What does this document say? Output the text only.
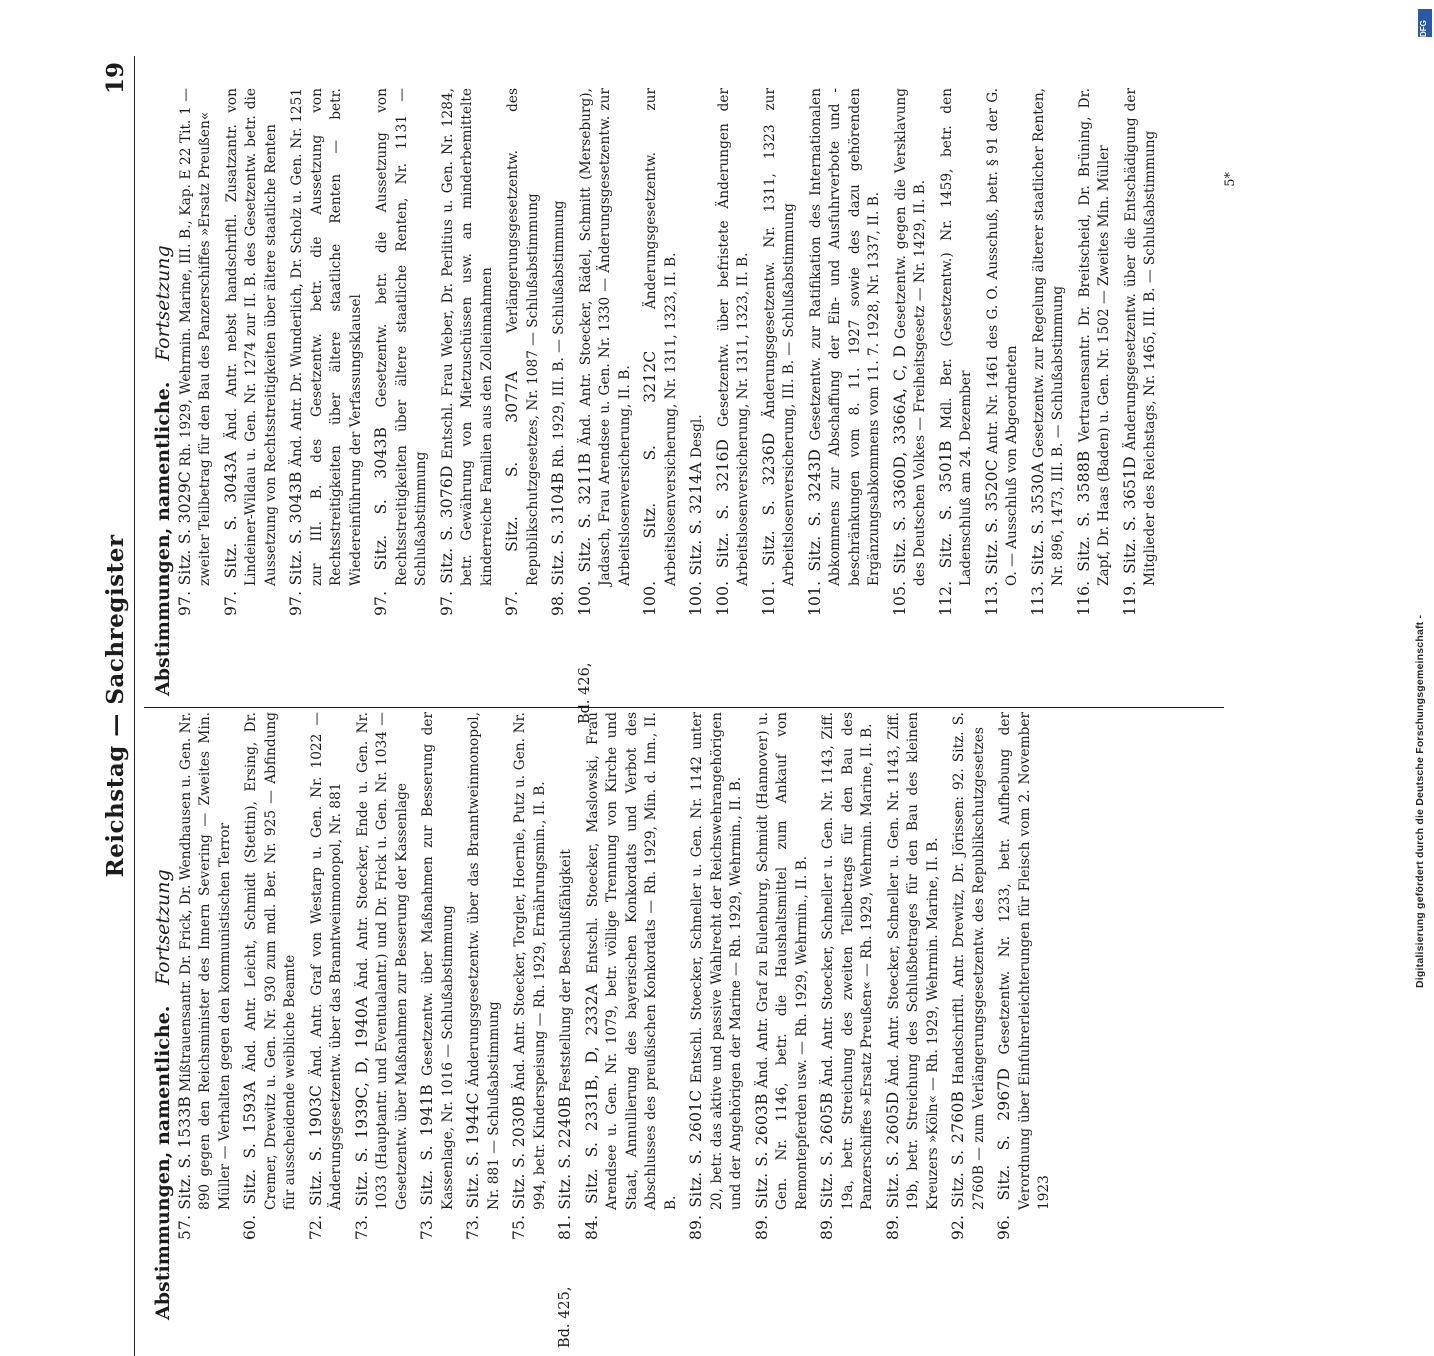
Reichstag — Sachregister
19
Abstimmungen, namentliche. Fortsetzung
57. Sitz. S. 1533B Mißtrauensantr. Dr. Frick, Dr. Wendhausen u. Gen. Nr. 890 gegen den Reichsminister des Innern Severing — Zweites Min. Müller — Verhalten gegen den kommunistischen Terror 60. Sitz. S. 1593A Änd. Antr. Leicht, Schmidt (Stettin), Ersing, Dr. Cremer, Drewitz u. Gen. Nr. 930 zum mdl. Ber. Nr. 925 — Abfindung für ausscheidende weibliche Beamte 72. Sitz. S. 1903C Änd. Antr. Graf von Westarp u. Gen. Nr. 1022 — Änderungsgesetzentw. über das Branntweinmonopol, Nr. 881 73. Sitz. S. 1939C, D, 1940A Änd. Antr. Stoecker, Ende u. Gen. Nr. 1033 (Hauptantr. und Eventualantr.) und Dr. Frick u. Gen. Nr. 1034 — Gesetzentw. über Maßnahmen zur Besserung der Kassenlage 73. Sitz. S. 1941B Gesetzentw. über Maßnahmen zur Besserung der Kassenlage, Nr. 1016 — Schlußabstimmung 73. Sitz. S. 1944C Änderungsgesetzentw. über das Branntweinmonopol, Nr. 881 — Schlußabstimmung 75. Sitz. S. 2030B Änd. Antr. Stoecker, Torgler, Hoernle, Putz u. Gen. Nr. 994, betr. Kinderspeisung — Rh. 1929, Ernährungsmin., II. B.
Bd. 425,
81. Sitz. S. 2240B Feststellung der Beschlußfähigkeit
84. Sitz. S. 2331B, D, 2332A Entschl. Stoecker, Maslowski, Frau Arendsee u. Gen. Nr. 1079, betr. völlige Trennung von Kirche und Staat, Annullierung des bayerischen Konkordats und Verbot des Abschlusses des preußischen Konkordats — Rh. 1929, Min. d. Inn., II. B. 89. Sitz. S. 2601C Entschl. Stoecker, Schneller u. Gen. Nr. 1142 unter 20, betr. das aktive und passive Wahlrecht der Reichswehrangehörigen und der Angehörigen der Marine — Rh. 1929, Wehrmin., II. B. 89. Sitz. S. 2603B Änd. Antr. Graf zu Eulenburg, Schmidt (Hannover) u. Gen. Nr. 1146, betr. die Haushaltsmittel zum Ankauf von Remontepferden usw. — Rh. 1929, Wehrmin., II. B. 89. Sitz. S. 2605B Änd. Antr. Stoecker, Schneller u. Gen. Nr. 1143, Ziff. 19a, betr. Streichung des zweiten Teilbetrags für den Bau des Panzerschiffes »Ersatz Preußen« — Rh. 1929, Wehrmin. Marine, II. B. 89. Sitz. S. 2605D Änd. Antr. Stoecker, Schneller u. Gen. Nr. 1143, Ziff. 19b, betr. Streichung des Schlußbetrages für den Bau des kleinen Kreuzers »Köln« — Rh. 1929, Wehrmin. Marine, II. B. 92. Sitz. S. 2760B Handschriftl. Antr. Drewitz, Dr. Jörissen: 92. Sitz. S. 2760B — zum Verlängerungsgesetzentw. des Republikschutzgesetzes 96. Sitz. S. 2967D Gesetzentw. Nr. 1233, betr. Aufhebung der Verordnung über Einfuhrerleichterungen für Fleisch vom 2. November 1923
Abstimmungen, namentliche. Fortsetzung
97. Sitz. S. 3029C Rh. 1929, Wehrmin. Marine, III. B., Kap. E 22 Tit. 1 — zweiter Teilbetrag für den Bau des Panzerschiffes »Ersatz Preußen« 97. Sitz. S. 3043A Änd. Antr. nebst handschriftl. Zusatzantr. von Lindeiner-Wildau u. Gen. Nr. 1274 zur II. B. des Gesetzentw. betr. die Aussetzung von Rechtsstreitigkeiten über ältere staatliche Renten 97. Sitz. S. 3043B Änd. Antr. Dr. Wunderlich, Dr. Scholz u. Gen. Nr. 1251 zur III. B. des Gesetzentw. betr. die Aussetzung von Rechtsstreitigkeiten über ältere staatliche Renten — betr. Wiedereinführung der Verfassungsklausel 97. Sitz. S. 3043B Gesetzentw. betr. die Aussetzung von Rechtsstreitigkeiten über ältere staatliche Renten, Nr. 1131 — Schlußabstimmung 97. Sitz. S. 3076D Entschl. Frau Weber, Dr. Perlitius u. Gen. Nr. 1284, betr. Gewährung von Mietzuschüssen usw. an minderbemittelte kinderreiche Familien aus den Zolleinnahmen 97. Sitz. S. 3077A Verlängerungsgesetzentw. des Republikschutzgesetzes, Nr. 1087 — Schlußabstimmung 98. Sitz. S. 3104B Rh. 1929, III. B. — Schlußabstimmung
Bd. 426,
100. Sitz. S. 3211B Änd. Antr. Stoecker, Rädel, Schmitt (Merseburg), Jadasch, Frau Arendsee u. Gen. Nr. 1330 — Änderungsgesetzentw. zur Arbeitslosenversicherung, II. B. 100. Sitz. S. 3212C Änderungsgesetzentw. zur Arbeitslosenversicherung, Nr. 1311, 1323, II. B. 100. Sitz. S. 3214A Desgl.
100. Sitz. S. 3216D Gesetzentw. über befristete Änderungen der Arbeitslosenversicherung, Nr. 1311, 1323, II. B. 101. Sitz. S. 3236D Änderungsgesetzentw. Nr. 1311, 1323 zur Arbeitslosenversicherung, III. B. — Schlußabstimmung 101. Sitz. S. 3243D Gesetzentw. zur Ratifikation des Internationalen Abkommens zur Abschaffung der Ein- und Ausfuhrverbote und -beschränkungen vom 8. 11. 1927 sowie des dazu gehörenden Ergänzungsabkommens vom 11. 7. 1928, Nr. 1337, II. B. 105. Sitz. S. 3360D, 3366A, C, D Gesetzentw. gegen die Versklavung des Deutschen Volkes — Freiheitsgesetz — Nr. 1429, II. B. 112. Sitz. S. 3501B Mdl. Ber. (Gesetzentw.) Nr. 1459, betr. den Ladenschluß am 24. Dezember 113. Sitz. S. 3520C Antr. Nr. 1461 des G. O. Ausschuß, betr. § 91 der G. O. — Ausschluß von Abgeordneten 113. Sitz. S. 3530A Gesetzentw. zur Regelung älterer staatlicher Renten, Nr. 896, 1473, III. B. — Schlußabstimmung 116. Sitz. S. 3588B Vertrauensantr. Dr. Breitscheid, Dr. Brüning, Dr. Zapf, Dr. Haas (Baden) u. Gen. Nr. 1502 — Zweites Min. Müller 119. Sitz. S. 3651D Änderungsgesetzentw. über die Entschädigung der Mitglieder des Reichstags, Nr. 1465, III. B. — Schlußabstimmung	5*
Digitalisierung gefördert durch die Deutsche Forschungsgemeinschaft -
DFG
